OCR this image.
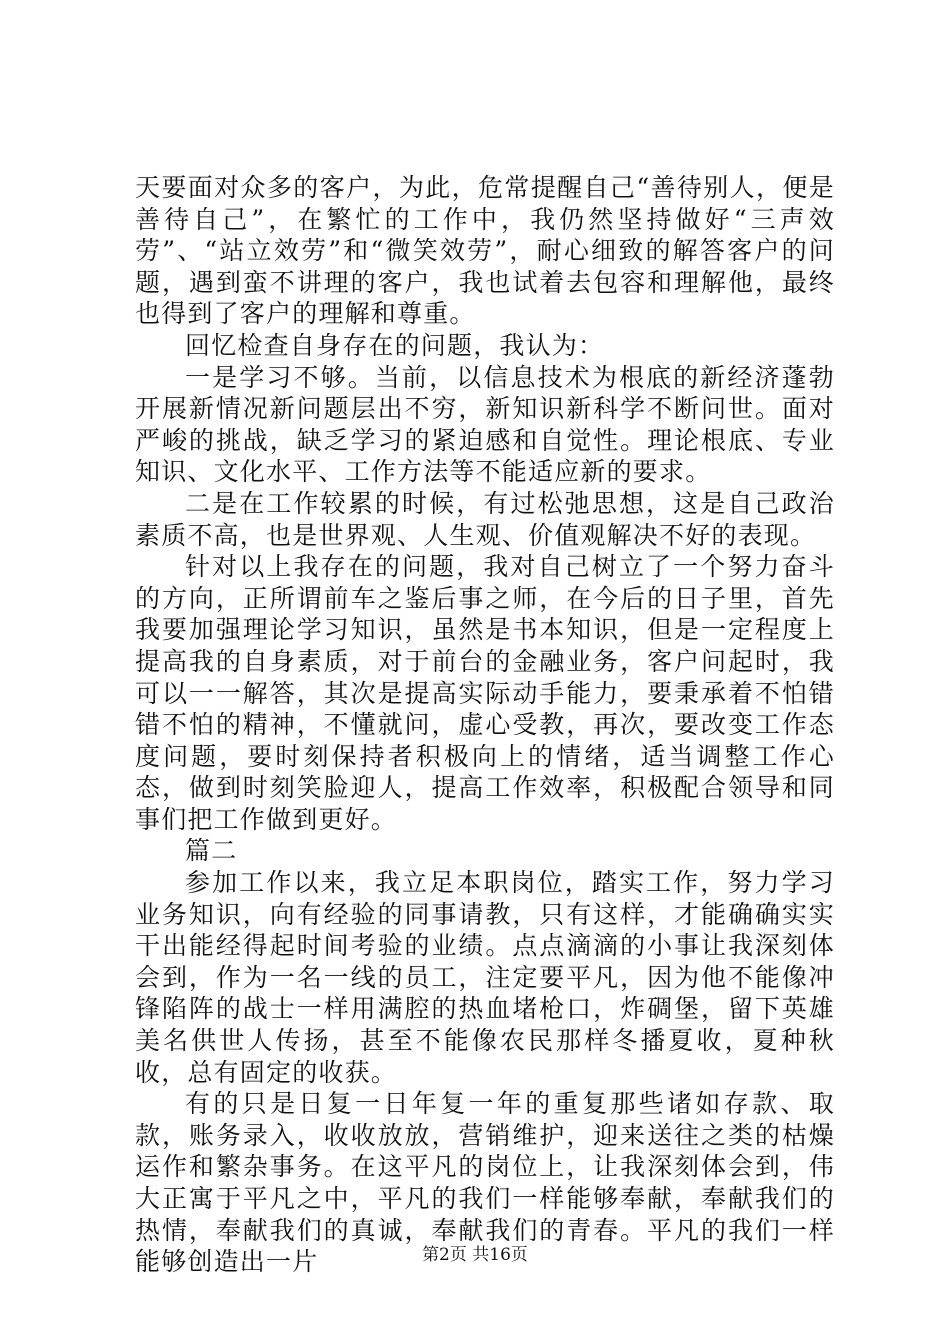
天要面对众多的客户，为此，危常提醒自己“善待别人，便是善待自己”，在繁忙的工作中，我仍然坚持做好“三声效劳”、“站立效劳”和“微笑效劳”，耐心细致的解答客户的问题，遇到蛮不讲理的客户，我也试着去包容和理解他，最终也得到了客户的理解和尊重。

回忆检查自身存在的问题，我认为：

一是学习不够。当前，以信息技术为根底的新经济蓬勃开展新情况新问题层出不穷，新知识新科学不断问世。面对严峻的挑战，缺乏学习的紧迫感和自觉性。理论根底、专业知识、文化水平、工作方法等不能适应新的要求。

二是在工作较累的时候，有过松弛思想，这是自己政治素质不高，也是世界观、人生观、价值观解决不好的表现。

针对以上我存在的问题，我对自己树立了一个努力奋斗的方向，正所谓前车之鉴后事之师，在今后的日子里，首先我要加强理论学习知识，虽然是书本知识，但是一定程度上提高我的自身素质，对于前台的金融业务，客户问起时，我可以一一解答，其次是提高实际动手能力，要秉承着不怕错错不怕的精神，不懂就问，虚心受教，再次，要改变工作态度问题，要时刻保持者积极向上的情绪，适当调整工作心态，做到时刻笑脸迎人，提高工作效率，积极配合领导和同事们把工作做到更好。

篇二

参加工作以来，我立足本职岗位，踏实工作，努力学习业务知识，向有经验的同事请教，只有这样，才能确确实实干出能经得起时间考验的业绩。点点滴滴的小事让我深刻体会到，作为一名一线的员工，注定要平凡，因为他不能像冲锋陷阵的战士一样用满腔的热血堵枪口，炸碉堡，留下英雄美名供世人传扬，甚至不能像农民那样冬播夏收，夏种秋收，总有固定的收获。

有的只是日复一日年复一年的重复那些诸如存款、取款，账务录入，收收放放，营销维护，迎来送往之类的枯燥运作和繁杂事务。在这平凡的岗位上，让我深刻体会到，伟大正寓于平凡之中，平凡的我们一样能够奉献，奉献我们的热情，奉献我们的真诚，奉献我们的青春。平凡的我们一样能够创造出一片	第2页 共16页
